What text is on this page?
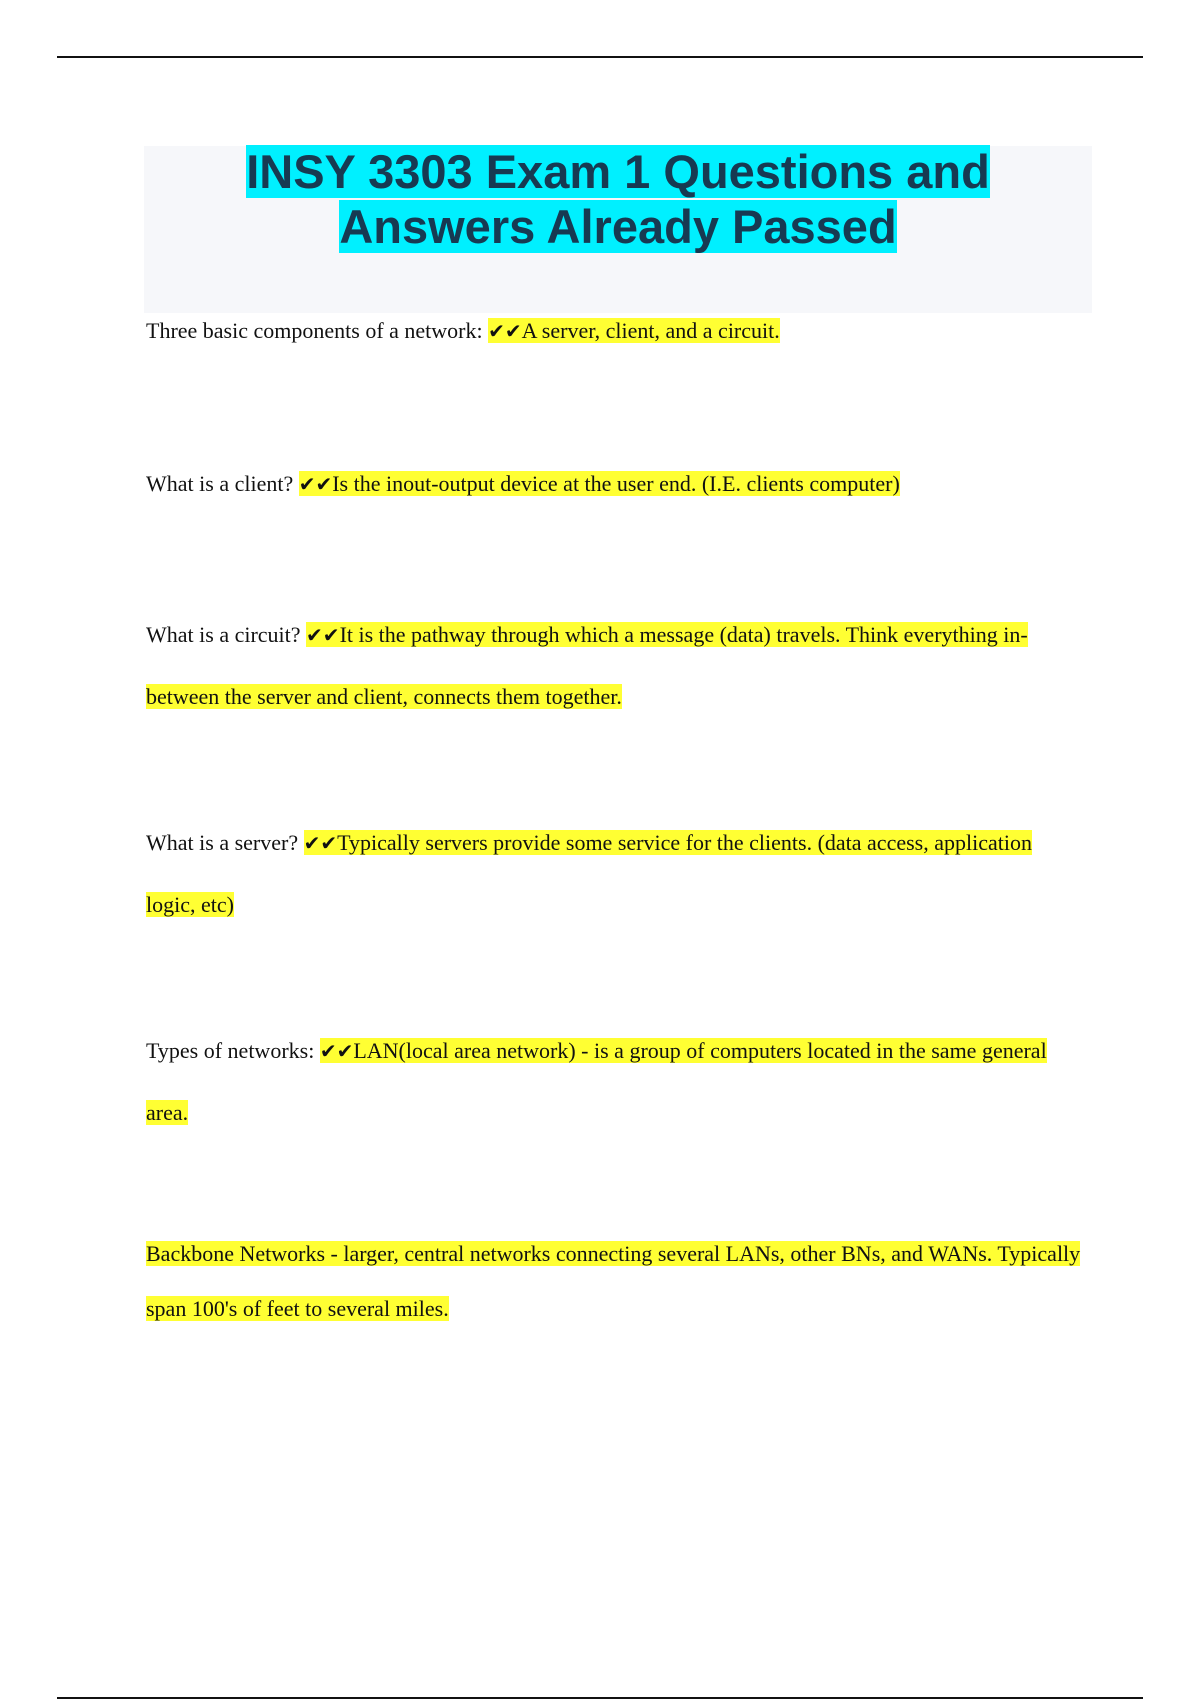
INSY 3303 Exam 1 Questions and
Answers Already Passed

Three basic components of a network: ✔✔A server, client, and a circuit.

What is a client? ✔✔Is the inout-output device at the user end. (I.E. clients computer)

What is a circuit? ✔✔It is the pathway through which a message (data) travels. Think everything in-between the server and client, connects them together.

What is a server? ✔✔Typically servers provide some service for the clients. (data access, application logic, etc)

Types of networks: ✔✔LAN(local area network) - is a group of computers located in the same general area.

Backbone Networks - larger, central networks connecting several LANs, other BNs, and WANs. Typically span 100's of feet to several miles.
